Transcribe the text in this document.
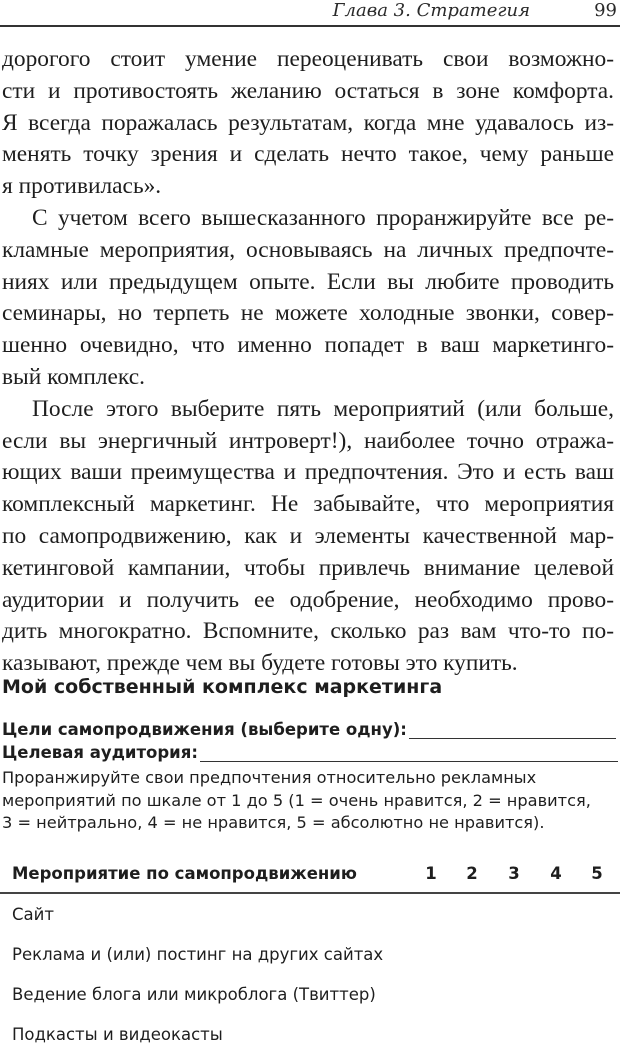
Глава 3. Стратегия	99
дорогого стоит умение переоценивать свои возможно-
сти и противостоять желанию остаться в зоне комфорта.
Я всегда поражалась результатам, когда мне удавалось из-
менять точку зрения и сделать нечто такое, чему раньше
я противилась».
С учетом всего вышесказанного проранжируйте все ре-
кламные мероприятия, основываясь на личных предпочте-
ниях или предыдущем опыте. Если вы любите проводить
семинары, но терпеть не можете холодные звонки, совер-
шенно очевидно, что именно попадет в ваш маркетинго-
вый комплекс.
После этого выберите пять мероприятий (или больше,
если вы энергичный интроверт!), наиболее точно отража-
ющих ваши преимущества и предпочтения. Это и есть ваш
комплексный маркетинг. Не забывайте, что мероприятия
по самопродвижению, как и элементы качественной мар-
кетинговой кампании, чтобы привлечь внимание целевой
аудитории и получить ее одобрение, необходимо прово-
дить многократно. Вспомните, сколько раз вам что-то по-
казывают, прежде чем вы будете готовы это купить.
Мой собственный комплекс маркетинга
Цели самопродвижения (выберите одну):
Целевая аудитория:
Проранжируйте свои предпочтения относительно рекламных
мероприятий по шкале от 1 до 5 (1 = очень нравится, 2 = нравится,
3 = нейтрально, 4 = не нравится, 5 = абсолютно не нравится).
Мероприятие по самопродвижению	1 2 3 4 5
Сайт
Реклама и (или) постинг на других сайтах
Ведение блога или микроблога (Твиттер)
Подкасты и видеокасты
